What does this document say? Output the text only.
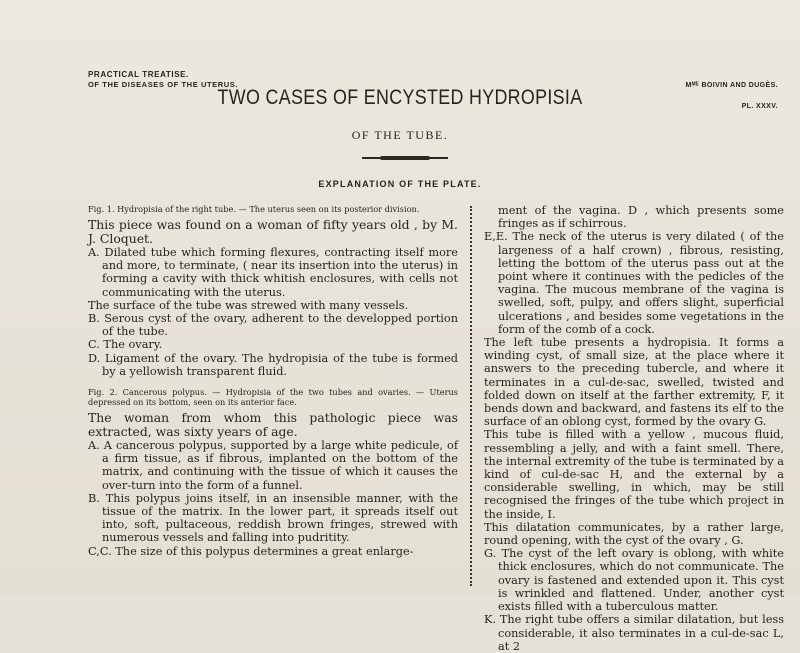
PRACTICAL TREATISE.
OF THE DISEASES OF THE UTERUS.	Mᴹᴱ BOIVIN AND DUGÈS.
PL. XXXV.
TWO CASES OF ENCYSTED HYDROPISIA
OF THE TUBE.
EXPLANATION OF THE PLATE.

Fig. 1. Hydropisia of the right tube. — The uterus seen on its posterior division.

This piece was found on a woman of fifty years old , by M. J. Cloquet.

A. Dilated tube which forming flexures, contracting itself more and more, to terminate, ( near its insertion into the uterus) in forming a cavity with thick whitish enclosures, with cells not communicating with the uterus.

The surface of the tube was strewed with many vessels.

B. Serous cyst of the ovary, adherent to the developped portion of the tube.

C. The ovary.

D. Ligament of the ovary. The hydropisia of the tube is formed by a yellowish transparent fluid.

Fig. 2. Cancerous polypus. — Hydropisia of the two tubes and ovaries. — Uterus depressed on its bottom, seen on its anterior face.

The woman from whom this pathologic piece was extracted, was sixty years of age.

A. A cancerous polypus, supported by a large white pedicule, of a firm tissue, as if fibrous, implanted on the bottom of the matrix, and continuing with the tissue of which it causes the over-turn into the form of a funnel.

B. This polypus joins itself, in an insensible manner, with the tissue of the matrix. In the lower part, it spreads itself out into, soft, pultaceous, reddish brown fringes, strewed with numerous vessels and falling into pudritity.

C,C. The size of this polypus determines a great enlarge-

ment of the vagina. D , which presents some fringes as if schirrous.

E,E. The neck of the uterus is very dilated ( of the largeness of a half crown) , fibrous, resisting, letting the bottom of the uterus pass out at the point where it continues with the pedicles of the vagina. The mucous membrane of the vagina is swelled, soft, pulpy, and offers slight, superficial ulcerations , and besides some vegetations in the form of the comb of a cock.

The left tube presents a hydropisia. It forms a winding cyst, of small size, at the place where it answers to the preceding tubercle, and where it terminates in a cul-de-sac, swelled, twisted and folded down on itself at the farther extremity, F, it bends down and backward, and fastens its elf to the surface of an oblong cyst, formed by the ovary G.

This tube is filled with a yellow , mucous fluid, ressembling a jelly, and with a faint smell. There, the internal extremity of the tube is terminated by a kind of cul-de-sac H, and the external by a considerable swelling, in which, may be still recognised the fringes of the tube which project in the inside, I.

This dilatation communicates, by a rather large, round opening, with the cyst of the ovary , G.

G. The cyst of the left ovary is oblong, with white thick enclosures, which do not communicate. The ovary is fastened and extended upon it. This cyst is wrinkled and flattened. Under, another cyst exists filled with a tuberculous matter.

K. The right tube offers a similar dilatation, but less considerable, it also terminates in a cul-de-sac L, at 2
